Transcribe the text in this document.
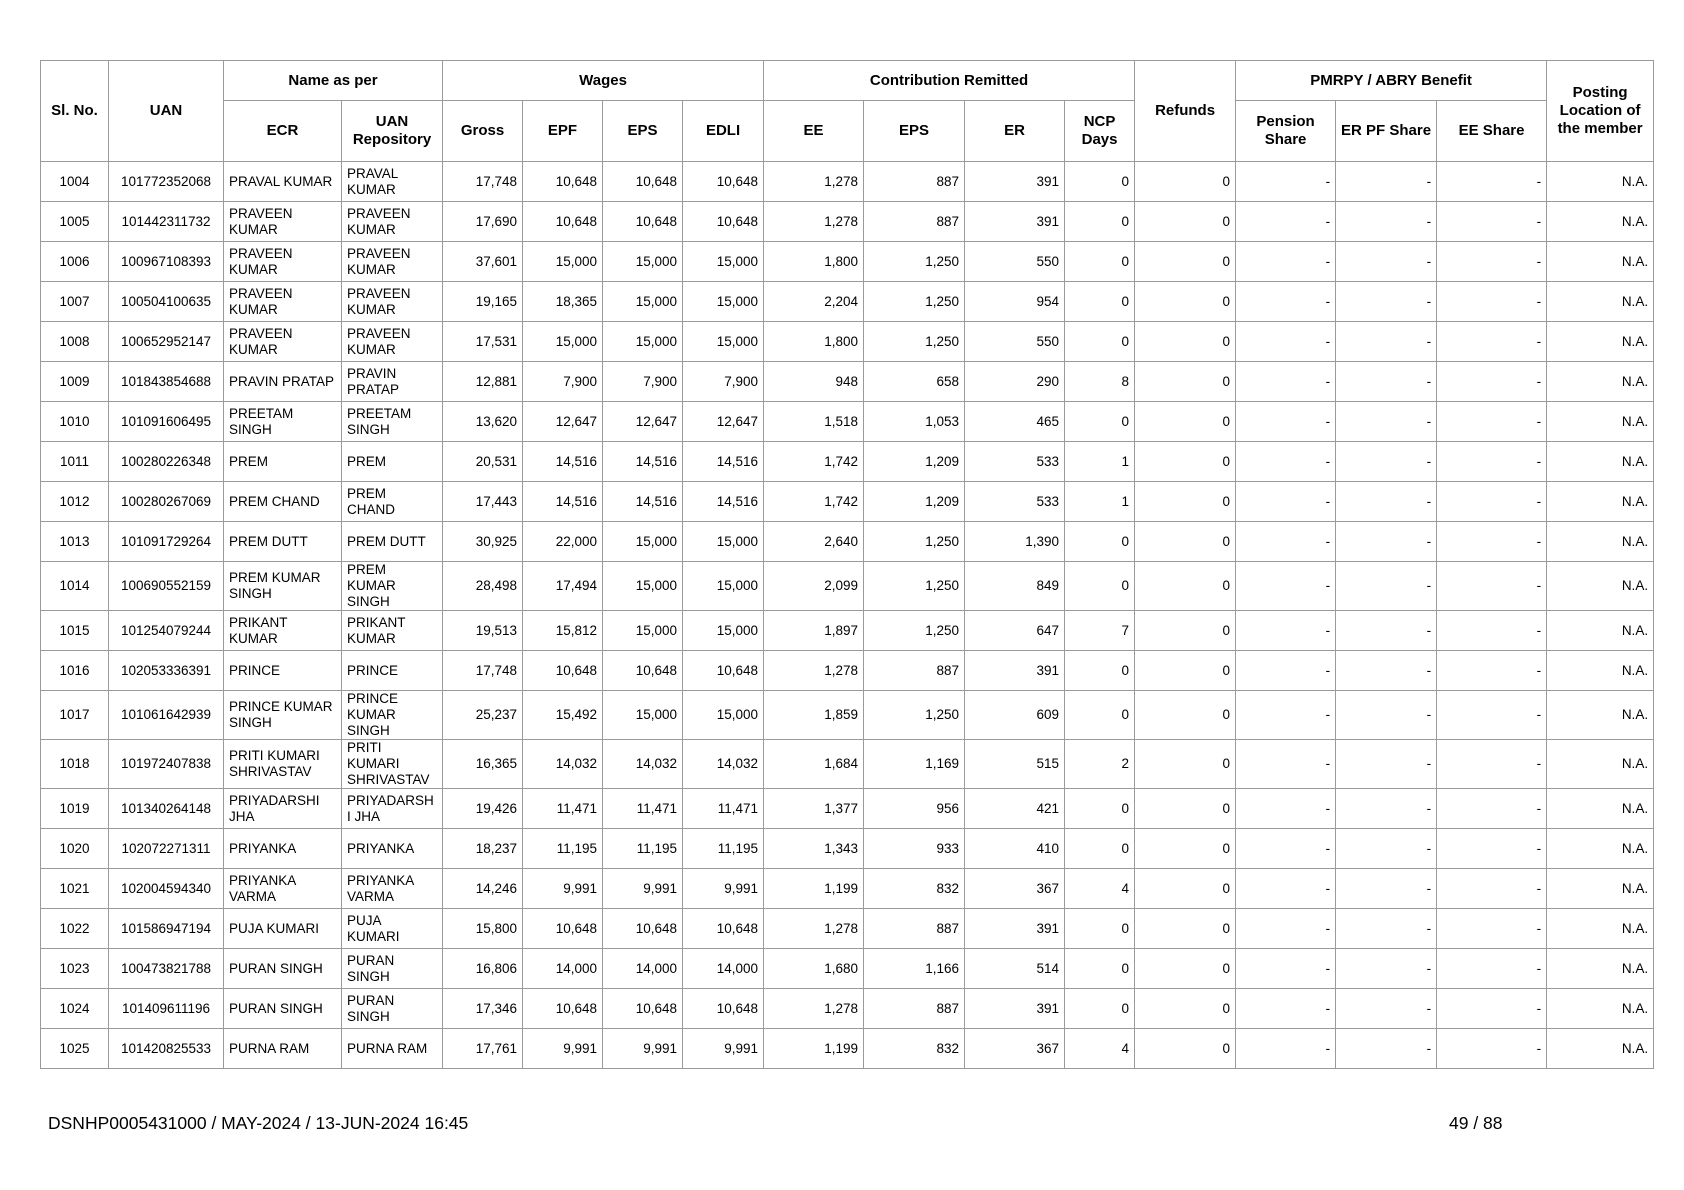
Sl. No.	UAN	Name as per		Wages				Contribution Remitted				Refunds	PMRPY / ABRY Benefit			Posting Location of the member
		ECR	UAN Repository	Gross	EPF	EPS	EDLI	EE	EPS	ER	NCP Days		Pension Share	ER PF Share	EE Share	
1004	101772352068	PRAVAL KUMAR	PRAVAL KUMAR	17,748	10,648	10,648	10,648	1,278	887	391	0	0	-	-	-	N.A.
1005	101442311732	PRAVEEN KUMAR	PRAVEEN KUMAR	17,690	10,648	10,648	10,648	1,278	887	391	0	0	-	-	-	N.A.
1006	100967108393	PRAVEEN KUMAR	PRAVEEN KUMAR	37,601	15,000	15,000	15,000	1,800	1,250	550	0	0	-	-	-	N.A.
1007	100504100635	PRAVEEN KUMAR	PRAVEEN KUMAR	19,165	18,365	15,000	15,000	2,204	1,250	954	0	0	-	-	-	N.A.
1008	100652952147	PRAVEEN KUMAR	PRAVEEN KUMAR	17,531	15,000	15,000	15,000	1,800	1,250	550	0	0	-	-	-	N.A.
1009	101843854688	PRAVIN PRATAP	PRAVIN PRATAP	12,881	7,900	7,900	7,900	948	658	290	8	0	-	-	-	N.A.
1010	101091606495	PREETAM SINGH	PREETAM SINGH	13,620	12,647	12,647	12,647	1,518	1,053	465	0	0	-	-	-	N.A.
1011	100280226348	PREM	PREM	20,531	14,516	14,516	14,516	1,742	1,209	533	1	0	-	-	-	N.A.
1012	100280267069	PREM CHAND	PREM CHAND	17,443	14,516	14,516	14,516	1,742	1,209	533	1	0	-	-	-	N.A.
1013	101091729264	PREM DUTT	PREM DUTT	30,925	22,000	15,000	15,000	2,640	1,250	1,390	0	0	-	-	-	N.A.
1014	100690552159	PREM KUMAR SINGH	PREM KUMAR SINGH	28,498	17,494	15,000	15,000	2,099	1,250	849	0	0	-	-	-	N.A.
1015	101254079244	PRIKANT KUMAR	PRIKANT KUMAR	19,513	15,812	15,000	15,000	1,897	1,250	647	7	0	-	-	-	N.A.
1016	102053336391	PRINCE	PRINCE	17,748	10,648	10,648	10,648	1,278	887	391	0	0	-	-	-	N.A.
1017	101061642939	PRINCE KUMAR SINGH	PRINCE KUMAR SINGH	25,237	15,492	15,000	15,000	1,859	1,250	609	0	0	-	-	-	N.A.
1018	101972407838	PRITI KUMARI SHRIVASTAV	PRITI KUMARI SHRIVASTAV	16,365	14,032	14,032	14,032	1,684	1,169	515	2	0	-	-	-	N.A.
1019	101340264148	PRIYADARSHI JHA	PRIYADARSH I JHA	19,426	11,471	11,471	11,471	1,377	956	421	0	0	-	-	-	N.A.
1020	102072271311	PRIYANKA	PRIYANKA	18,237	11,195	11,195	11,195	1,343	933	410	0	0	-	-	-	N.A.
1021	102004594340	PRIYANKA VARMA	PRIYANKA VARMA	14,246	9,991	9,991	9,991	1,199	832	367	4	0	-	-	-	N.A.
1022	101586947194	PUJA KUMARI	PUJA KUMARI	15,800	10,648	10,648	10,648	1,278	887	391	0	0	-	-	-	N.A.
1023	100473821788	PURAN SINGH	PURAN SINGH	16,806	14,000	14,000	14,000	1,680	1,166	514	0	0	-	-	-	N.A.
1024	101409611196	PURAN SINGH	PURAN SINGH	17,346	10,648	10,648	10,648	1,278	887	391	0	0	-	-	-	N.A.
1025	101420825533	PURNA RAM	PURNA RAM	17,761	9,991	9,991	9,991	1,199	832	367	4	0	-	-	-	N.A.
DSNHP0005431000 / MAY-2024 / 13-JUN-2024 16:45	49 / 88
